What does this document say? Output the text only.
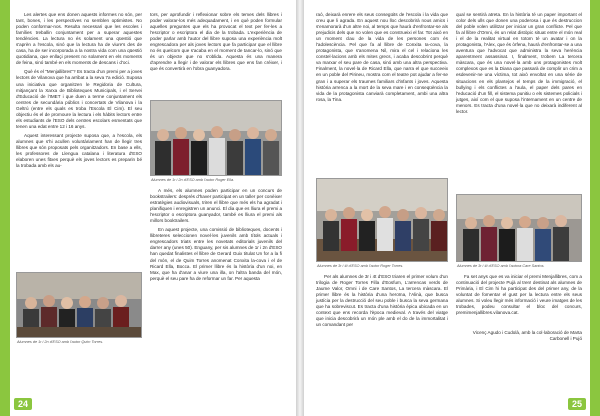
Les alertes que ens donen aquests informes no són, per tant, bones, i les perspectives no semblen optimistes. No poden conformar-nos. Resulta necessari que les escoles i famílies treballin conjuntament per a superar aquestes tendències. La lectura no és solament una qüestió que s'aprèn a l'escola, sinó que la lectura ha de viure's des de casa, ha de ser incorporada a la nostra vida com una qüestió quotidiana, que enllaçi present no solament en els moments de feina, sinó també en els moments de descans i d'oci.

Què és el "Menjallibres"? Es tracta d'un premi per a joves lectors de Vilanova que ha arribat a la seva 7a edició. Suposa una iniciativa que organitzen le Regidoria de Cultura, mitjançant la Xarxa de Biblioteques Municipals, i el Servei d'Educació de l'IMET i que duen a terme conjuntament els centres de secundària públics i concertats de Vilanova i la Geltrú (entre els quals es troba l'Escola El Cim). El seu objectiu és el de promoure la lectura i els hàbits lectors entre els estudiants de l'ESO dels centres escolars esmentats que tenen una edat entre 12 i 16 anys.

Aquest interessant projecte suposa que, a l'escola, els alumnes que s'hi acullen voluntàriament han de llegir tres llibres que són proposats pels organitzadors. En base a ells, les professores de Llengua catalana i literatura d'ESO elaboren unes fitxes perquè els joves lectors es preparin bé la trobada amb els au-

Alumnes de 1r i 2n d'ESO amb l'autor Quim Torres.
Alumnes de 1r i 2n d'ESO amb l'autor Roger Ella.

tors, per aprofundir i reflexionar sobre els temes dels llibres i poder valorar-los més adequadament, i en què poden formular aquelles preguntes que els ha provocat el text per fer-les a l'escriptor o escriptora el dia de la trobada. L'experiència de poder parlar amb l'autor del llibre suposa una experiència molt engrescadora per als joves lectors que fa participar que el llibre no és quelcom que s'acaba en el moment de tancar-lo, sinó que és un objecte que no s'oblida. Aquesta és una manera d'aprendre a llegir i de valorar els llibres que ens fan créixer, i que és convertirà en l'obra guanyadora.

A més, els alumnes poden participar en un concurs de bookstrailers: després d'haver participat en un taller per conèixer estratègies audiovisuals, triïen el llibre que més els ha agradat i planifiquen i enregistren un anunci. El dia que es lliura el premi a l'escriptor o escriptora guanyador, també es lliura el premi als millors booktrailers.

En aquest projecte, una comissió de biblioteques, docents i llibreteres seleccionen novel·les juvenils amb títols actuals i engrescadors triats entre les novetats editorials juvenils del darrer any (unes 50). Enguany, per sis alumnes de 1r i 2n d'ESO han quedat finalistes el llibre de Gerard Guix titulat Un for a la fi del món, el de Quim Torres anomenat Conxita la-cova i el de Ricard Ella, Bocca. El primer llibre és la història d'un noi, en Max, que ha d'anar a viure una illa, on l'altra banda del món, perquè el seu pare ha de reformar un far. Per aquesta

24

raó, deixarà enrere els seus consegüits de l'escola i la vida que creu que li agrada. En aquest nou lloc descobrirà nous amics i s'enamorarà d'un altre noi, al temps que haurà d'enfrontar-se als prejudicis dels que no volen que es construeixi el far. Tot això en un moment clau de la vida de les persones com és l'adolescència. Pel que fa al llibre de Conxita Ia-cova, la protagonista, que s'anomena Nil, mira el cel i relaciona les constel·lacions amb els mites grecs, i acaba descobrint perquè va marxar el seu pare de casa, sinó amb una altra perspectiva. Finalment, la novel·la de Ricard Ella, que narra el que succeeix en un poble del Pirineu, mostra com el teatre pot ajudar a fer-se gran i a superar els traumes familiars d'infants i joves. Aquesta història arrenca a la mort de la seva mare i en conseqüència la vida de la protagonista canviarà completament, ambi una altra rosa, la Tina.

Alumnes de 3r i 4t d'ESO amb l'autor Roger Torres.

Per als alumnes de 3r i 4t d'ESO triaren el primer volum d'un trilogia de Roger Torres Filla d'Eosfum, L'arrencas verds de Jaume Valor, Omni i de Care Santos, La tercera màscara. El primer llibre és la història d'una heroïna, l'Alinà, que busca justícia per la destrucció del seu poble i busca la seva germana que ha sobreviscut. Es tracta d'una història èpica ubicada en un context que ens recorda l'època medieval. A través del viatge que inicia descobrirà un món ple amb el do de la immortalitat i un comandant per

qual se sentirà atreta. En la història té un paper important el color dels ulls que donen una poderosa i que és destruccion del poble volen utilitzar per iniciar un gran conflicte. Pel que fa al llibre d'Omni, és un relat distòpic situat entre el món real i el de la realitat virtual en totom té un avatar i on la protagonista, l'Alex, que és òrfena, haurà d'enfrontar-se a una aventura que l'advocat que administra la seva herència aparentment assassinat. I, finalment, trobem La tercera màscara, que és una novel·la amb uns protagonistes molt complexos que es la Diana que passarà de complir un crim a esdevenir-ne una víctima, tot això envoltat en una sèrie de situacions en els plantejos el temps de la immigració, el bullying i els conflictes a l'aula, el paper dels pares en l'educació d'un fill, el sistema punitiu o els sistemes policials i jutges, així com el que suposa l'internament en un centre de menors. Es tracta d'una novel·la que no deixarà indiferent al lector.

Alumnes de 3r i 4t d'ESO amb l'autora Care Santos.

Fa set anys que es va iniciar el premi Menjallibres, com a continuació del projecte Pujà al tren! destinat als alumnes de Primària, i El Cim hi ha participat des del primer any, de la voluntat de fomentar el gust per la lectura entre els seus alumnes. Si voleu llegir més informació i veure imatges de les trobades, podeu consultar el bloc del concurs, premimenjallibres.vilanova.cat.

Vicenç Agudo i Cudolà, amb la col·laboració de Marta Carbonell i Pujó
25
